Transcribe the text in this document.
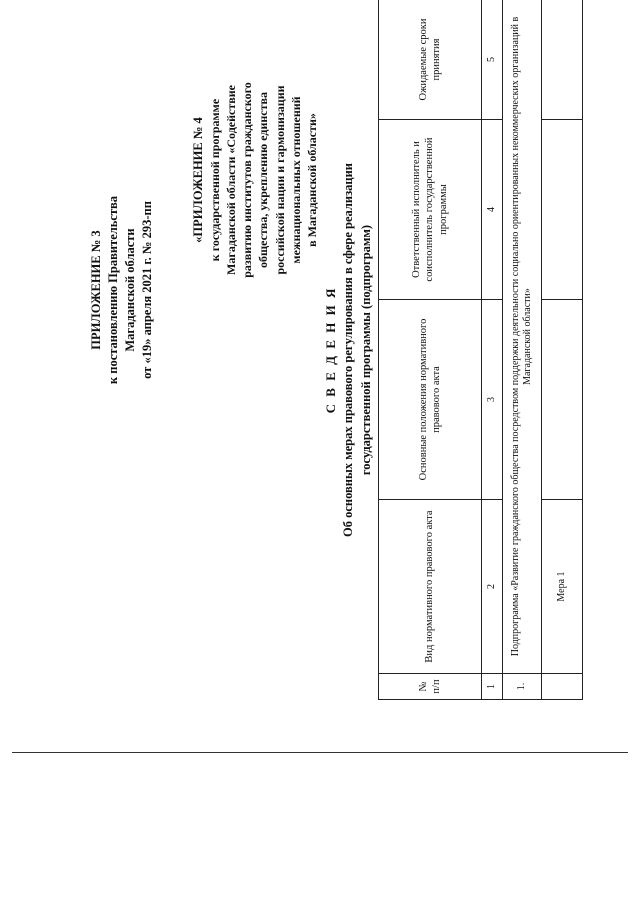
ПРИЛОЖЕНИЕ № 3 к постановлению Правительства Магаданской области от «19» апреля 2021 г. № 293-пп
«ПРИЛОЖЕНИЕ № 4 к государственной программе Магаданской области «Содействие развитию институтов гражданского общества, укреплению единства российской нации и гармонизации межнациональных отношений в Магаданской области»
С В Е Д Е Н И Я Об основных мерах правового регулирования в сфере реализации государственной программы (подпрограмм)
№ п/п	Вид нормативного правового акта	Основные положения нормативного правового акта	Ответственный исполнитель и соисполнитель государственной программы	Ожидаемые сроки принятия
1	2	3	4	5
1.	Подпрограмма «Развитие гражданского общества посредством поддержки деятельности социально ориентированных некоммерческих организаций в Магаданской области»			
	Мера 1			
